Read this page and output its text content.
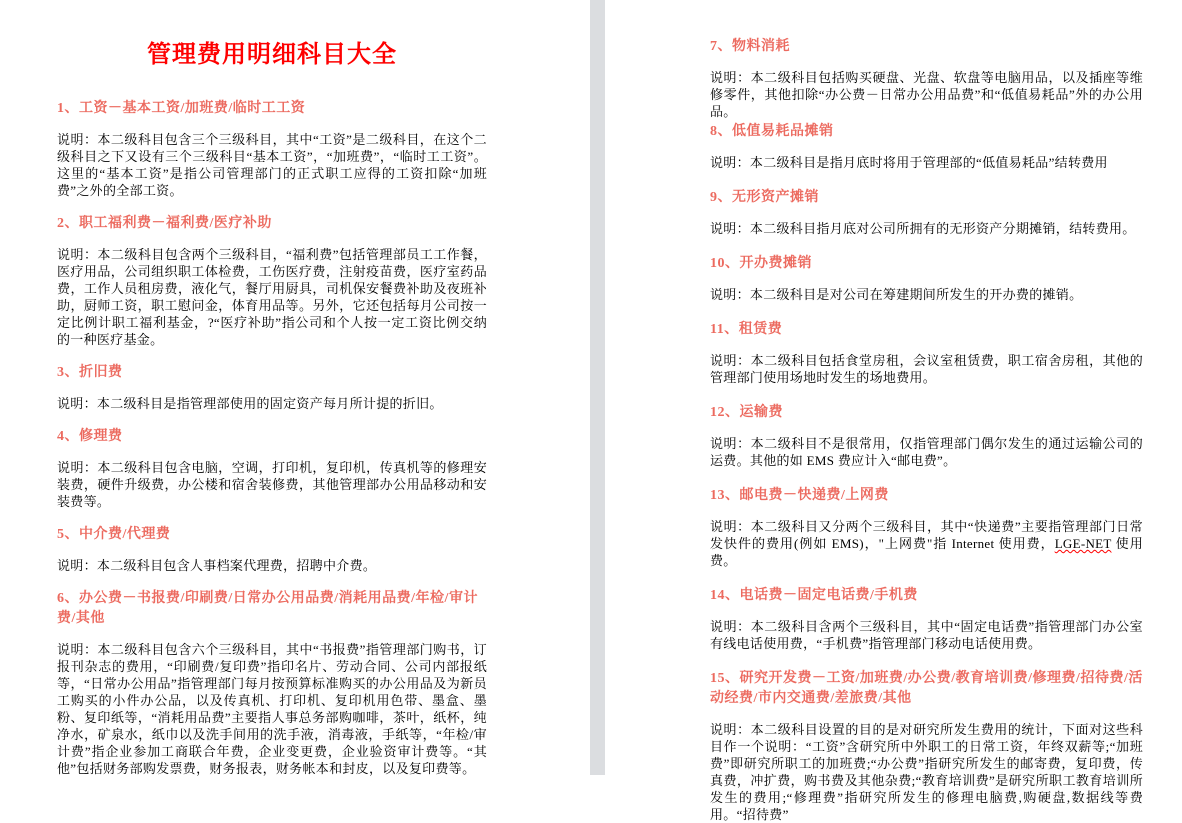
管理费用明细科目大全
1、工资－基本工资/加班费/临时工工资

说明：本二级科目包含三个三级科目，其中“工资”是二级科目，在这个二级科目之下又设有三个三级科目“基本工资”，“加班费”，“临时工工资”。这里的“基本工资”是指公司管理部门的正式职工应得的工资扣除“加班费”之外的全部工资。

2、职工福利费－福利费/医疗补助

说明：本二级科目包含两个三级科目，“福利费”包括管理部员工工作餐，医疗用品，公司组织职工体检费，工伤医疗费，注射疫苗费，医疗室药品费，工作人员租房费，液化气，餐厅用厨具，司机保安餐费补助及夜班补助，厨师工资，职工慰问金，体育用品等。另外，它还包括每月公司按一定比例计职工福利基金，?“医疗补助”指公司和个人按一定工资比例交纳的一种医疗基金。

3、折旧费

说明：本二级科目是指管理部使用的固定资产每月所计提的折旧。

4、修理费

说明：本二级科目包含电脑，空调，打印机，复印机，传真机等的修理安装费，硬件升级费，办公楼和宿舍装修费，其他管理部办公用品移动和安装费等。

5、中介费/代理费

说明：本二级科目包含人事档案代理费，招聘中介费。

6、办公费－书报费/印刷费/日常办公用品费/消耗用品费/年检/审计费/其他

说明：本二级科目包含六个三级科目，其中“书报费”指管理部门购书，订报刊杂志的费用，“印刷费/复印费”指印名片、劳动合同、公司内部报纸等，“日常办公用品”指管理部门每月按预算标准购买的办公用品及为新员工购买的小件办公品，以及传真机、打印机、复印机用色带、墨盒、墨粉、复印纸等，“消耗用品费”主要指人事总务部购咖啡，茶叶，纸杯，纯净水，矿泉水，纸巾以及洗手间用的洗手液，消毒液，手纸等，“年检/审计费”指企业参加工商联合年费，企业变更费，企业验资审计费等。“其他”包括财务部购发票费，财务报表，财务帐本和封皮，以及复印费等。

7、物料消耗

说明：本二级科目包括购买硬盘、光盘、软盘等电脑用品，以及插座等维修零件，其他扣除“办公费－日常办公用品费”和“低值易耗品”外的办公用品。

8、低值易耗品摊销

说明：本二级科目是指月底时将用于管理部的“低值易耗品”结转费用

9、无形资产摊销

说明：本二级科目指月底对公司所拥有的无形资产分期摊销，结转费用。

10、开办费摊销

说明：本二级科目是对公司在筹建期间所发生的开办费的摊销。

11、租赁费

说明：本二级科目包括食堂房租，会议室租赁费，职工宿舍房租，其他的管理部门使用场地时发生的场地费用。

12、运输费

说明：本二级科目不是很常用，仅指管理部门偶尔发生的通过运输公司的运费。其他的如 EMS 费应计入“邮电费”。

13、邮电费－快递费/上网费

说明：本二级科目又分两个三级科目，其中“快递费”主要指管理部门日常发快件的费用(例如 EMS)，"上网费"指 Internet 使用费，LGE-NET 使用费。

14、电话费－固定电话费/手机费

说明：本二级科目含两个三级科目，其中“固定电话费”指管理部门办公室有线电话使用费，“手机费”指管理部门移动电话使用费。

15、研究开发费－工资/加班费/办公费/教育培训费/修理费/招待费/活动经费/市内交通费/差旅费/其他

说明：本二级科目设置的目的是对研究所发生费用的统计，下面对这些科目作一个说明：“工资”含研究所中外职工的日常工资，年终双薪等;“加班费”即研究所职工的加班费;“办公费”指研究所发生的邮寄费，复印费，传真费，冲扩费，购书费及其他杂费;“教育培训费”是研究所职工教育培训所发生的费用;“修理费”指研究所发生的修理电脑费,购硬盘,数据线等费用。“招待费”
